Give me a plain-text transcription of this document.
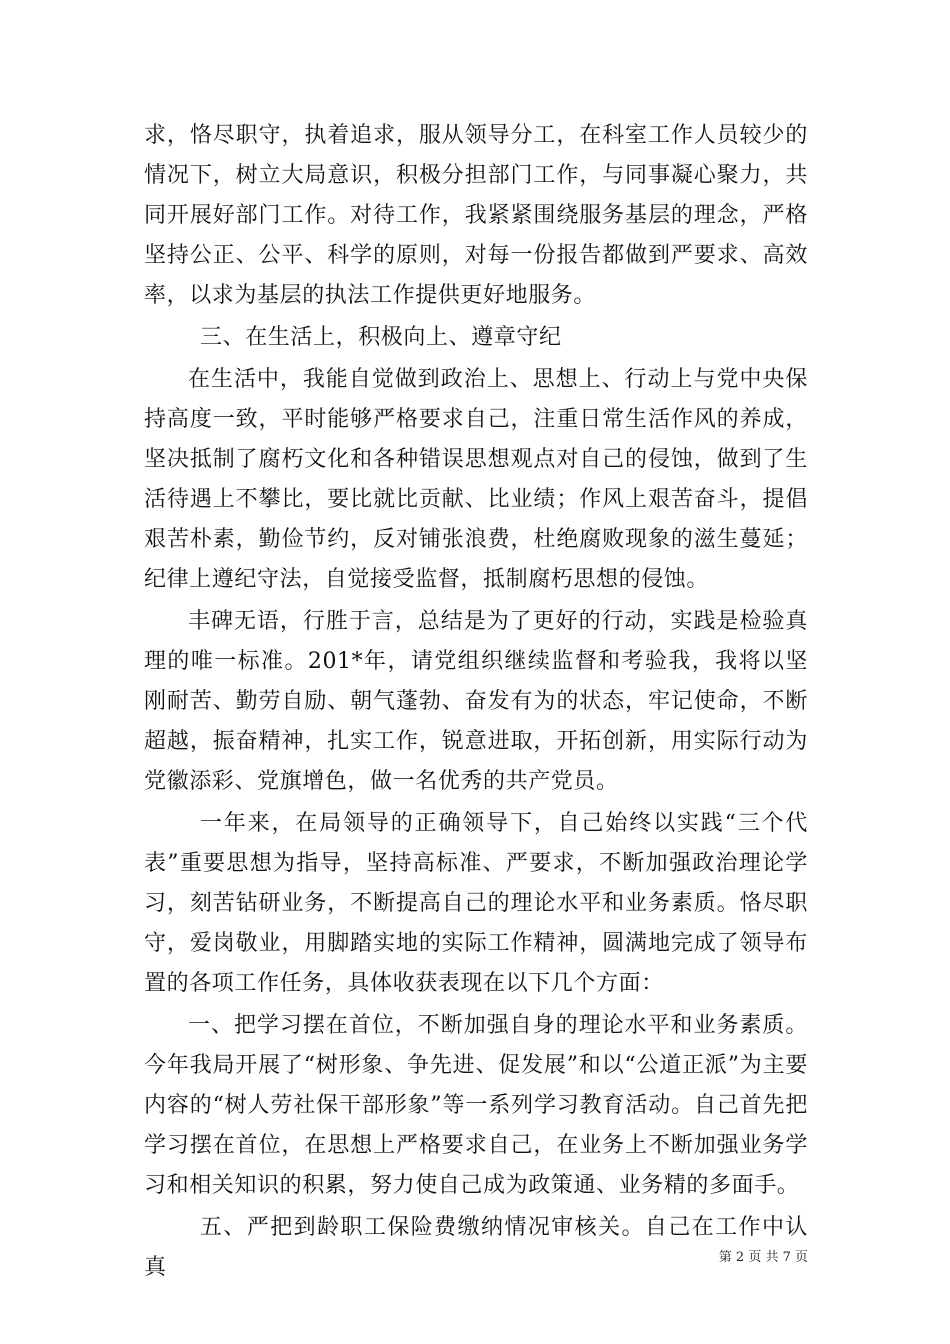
求，恪尽职守，执着追求，服从领导分工，在科室工作人员较少的情况下，树立大局意识，积极分担部门工作，与同事凝心聚力，共同开展好部门工作。对待工作，我紧紧围绕服务基层的理念，严格坚持公正、公平、科学的原则，对每一份报告都做到严要求、高效率，以求为基层的执法工作提供更好地服务。

三、在生活上，积极向上、遵章守纪

在生活中，我能自觉做到政治上、思想上、行动上与党中央保持高度一致，平时能够严格要求自己，注重日常生活作风的养成，坚决抵制了腐朽文化和各种错误思想观点对自己的侵蚀，做到了生活待遇上不攀比，要比就比贡献、比业绩；作风上艰苦奋斗，提倡艰苦朴素，勤俭节约，反对铺张浪费，杜绝腐败现象的滋生蔓延；纪律上遵纪守法，自觉接受监督，抵制腐朽思想的侵蚀。

丰碑无语，行胜于言，总结是为了更好的行动，实践是检验真理的唯一标准。201*年，请党组织继续监督和考验我，我将以坚刚耐苦、勤劳自励、朝气蓬勃、奋发有为的状态，牢记使命，不断超越，振奋精神，扎实工作，锐意进取，开拓创新，用实际行动为党徽添彩、党旗增色，做一名优秀的共产党员。

一年来，在局领导的正确领导下，自己始终以实践“三个代表”重要思想为指导，坚持高标准、严要求，不断加强政治理论学习，刻苦钻研业务，不断提高自己的理论水平和业务素质。恪尽职守，爱岗敬业，用脚踏实地的实际工作精神，圆满地完成了领导布置的各项工作任务，具体收获表现在以下几个方面：

一、把学习摆在首位，不断加强自身的理论水平和业务素质。今年我局开展了“树形象、争先进、促发展”和以“公道正派”为主要内容的“树人劳社保干部形象”等一系列学习教育活动。自己首先把学习摆在首位，在思想上严格要求自己，在业务上不断加强业务学习和相关知识的积累，努力使自己成为政策通、业务精的多面手。

五、严把到龄职工保险费缴纳情况审核关。自己在工作中认真	第 2 页 共 7 页
